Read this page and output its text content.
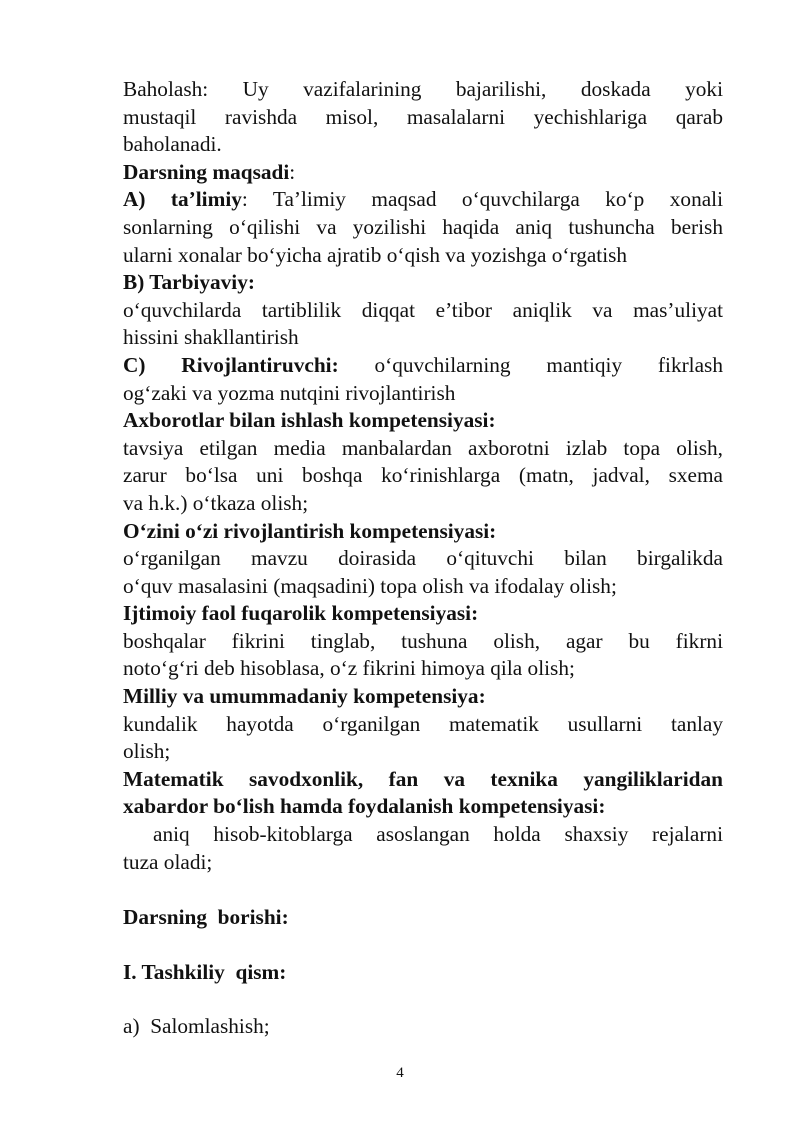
Baholash: Uy vazifalarining bajarilishi, doskada yoki
mustaqil ravishda misol, masalalarni yechishlariga qarab
baholanadi.
Darsning maqsadi:
A) ta’limiy: Ta’limiy maqsad o‘quvchilarga ko‘p xonali
sonlarning o‘qilishi va yozilishi haqida aniq tushuncha berish
ularni xonalar bo‘yicha ajratib o‘qish va yozishga o‘rgatish
B) Tarbiyaviy:
o‘quvchilarda tartiblilik diqqat e’tibor aniqlik va mas’uliyat
hissini shakllantirish
C) Rivojlantiruvchi: o‘quvchilarning mantiqiy fikrlash
og‘zaki va yozma nutqini rivojlantirish
Axborotlar bilan ishlash kompetensiyasi:
tavsiya etilgan media manbalardan axborotni izlab topa olish,
zarur bo‘lsa uni boshqa ko‘rinishlarga (matn, jadval, sxema
va h.k.) o‘tkaza olish;
O‘zini o‘zi rivojlantirish kompetensiyasi:
o‘rganilgan mavzu doirasida o‘qituvchi bilan birgalikda
o‘quv masalasini (maqsadini) topa olish va ifodalay olish;
Ijtimoiy faol fuqarolik kompetensiyasi:
boshqalar fikrini tinglab, tushuna olish, agar bu fikrni
noto‘g‘ri deb hisoblasa, o‘z fikrini himoya qila olish;
Milliy va umummadaniy kompetensiya:
kundalik hayotda o‘rganilgan matematik usullarni tanlay
olish;
Matematik savodxonlik, fan va texnika yangiliklaridan
xabardor bo‘lish hamda foydalanish kompetensiyasi:
aniq hisob-kitoblarga asoslangan holda shaxsiy rejalarni
tuza oladi;
Darsning  borishi:
I. Tashkiliy  qism:
a)  Salomlashish;
4
